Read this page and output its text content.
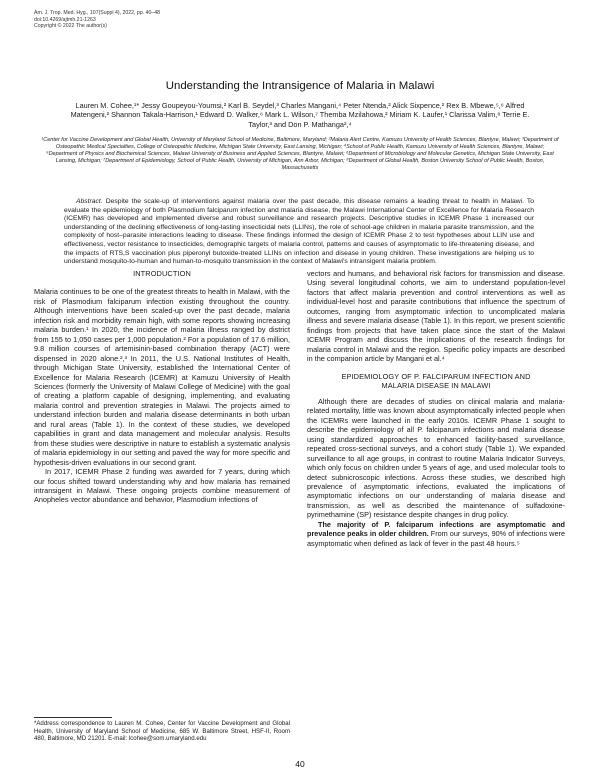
Am. J. Trop. Med. Hyg., 107(Suppl 4), 2022, pp. 40–48
doi:10.4269/ajtmh.21-1263
Copyright © 2022 The author(s)
Understanding the Intransigence of Malaria in Malawi
Lauren M. Cohee,¹* Jessy Goupeyou-Youmsi,² Karl B. Seydel,³ Charles Mangani,⁴ Peter Ntenda,² Alick Sixpence,² Rex B. Mbewe,⁵,⁶ Alfred Matengeni,² Shannon Takala-Harrison,¹ Edward D. Walker,⁶ Mark L. Wilson,⁷ Themba Mzilahowa,² Miriam K. Laufer,¹ Clarissa Valim,⁸ Terrie E. Taylor,³ and Don P. Mathanga²,⁴
¹Center for Vaccine Development and Global Health, University of Maryland School of Medicine, Baltimore, Maryland; ²Malaria Alert Centre, Kamuzu University of Health Sciences, Blantyre, Malawi; ³Department of Osteopathic Medical Specialties, College of Osteopathic Medicine, Michigan State University, East Lansing, Michigan; ⁴School of Public Health, Kamuzu University of Health Sciences, Blantyre, Malawi; ⁵Department of Physics and Biochemical Sciences, Malawi University of Business and Applied Sciences, Blantyre, Malawi; ⁶Department of Microbiology and Molecular Genetics, Michigan State University, East Lansing, Michigan; ⁷Department of Epidemiology, School of Public Health, University of Michigan, Ann Arbor, Michigan; ⁸Department of Global Health, Boston University School of Public Health, Boston, Massachusetts
Abstract. Despite the scale-up of interventions against malaria over the past decade, this disease remains a leading threat to health in Malawi. To evaluate the epidemiology of both Plasmodium falciparum infection and malaria disease, the Malawi International Center of Excellence for Malaria Research (ICEMR) has developed and implemented diverse and robust surveillance and research projects. Descriptive studies in ICEMR Phase 1 increased our understanding of the declining effectiveness of long-lasting insecticidal nets (LLINs), the role of school-age children in malaria parasite transmission, and the complexity of host–parasite interactions leading to disease. These findings informed the design of ICEMR Phase 2 to test hypotheses about LLIN use and effectiveness, vector resistance to insecticides, demographic targets of malaria control, patterns and causes of asymptomatic to life-threatening disease, and the impacts of RTS,S vaccination plus piperonyl butoxide-treated LLINs on infection and disease in young children. These investigations are helping us to understand mosquito-to-human and human-to-mosquito transmission in the context of Malawi's intransigent malaria problem.
INTRODUCTION

Malaria continues to be one of the greatest threats to health in Malawi, with the risk of Plasmodium falciparum infection existing throughout the country. Although interventions have been scaled-up over the past decade, malaria infection risk and morbidity remain high, with some reports showing increasing malaria burden.¹ In 2020, the incidence of malaria illness ranged by district from 155 to 1,050 cases per 1,000 population.² For a population of 17.6 million, 9.8 million courses of artemisinin-based combination therapy (ACT) were dispensed in 2020 alone.²,³ In 2011, the U.S. National Institutes of Health, through Michigan State University, established the International Center of Excellence for Malaria Research (ICEMR) at Kamuzu University of Health Sciences (formerly the University of Malawi College of Medicine) with the goal of creating a platform capable of designing, implementing, and evaluating malaria control and prevention strategies in Malawi. The projects aimed to understand infection burden and malaria disease determinants in both urban and rural areas (Table 1). In the context of these studies, we developed capabilities in grant and data management and molecular analysis. Results from these studies were descriptive in nature to establish a systematic analysis of malaria epidemiology in our setting and paved the way for more specific and hypothesis-driven evaluations in our second grant.

In 2017, ICEMR Phase 2 funding was awarded for 7 years, during which our focus shifted toward understanding why and how malaria has remained intransigent in Malawi. These ongoing projects combine measurement of Anopheles vector abundance and behavior, Plasmodium infections of

vectors and humans, and behavioral risk factors for transmission and disease. Using several longitudinal cohorts, we aim to understand population-level factors that affect malaria prevention and control interventions as well as individual-level host and parasite contributions that influence the spectrum of outcomes, ranging from asymptomatic infection to uncomplicated malaria illness and severe malaria disease (Table 1). In this report, we present scientific findings from projects that have taken place since the start of the Malawi ICEMR Program and discuss the implications of the research findings for malaria control in Malawi and the region. Specific policy impacts are described in the companion article by Mangani et al.⁴

EPIDEMIOLOGY OF P. FALCIPARUM INFECTION AND
MALARIA DISEASE IN MALAWI

Although there are decades of studies on clinical malaria and malaria-related mortality, little was known about asymptomatically infected people when the ICEMRs were launched in the early 2010s. ICEMR Phase 1 sought to describe the epidemiology of all P. falciparum infections and malaria disease using standardized approaches to enhanced facility-based surveillance, repeated cross-sectional surveys, and a cohort study (Table 1). We expanded surveillance to all age groups, in contrast to routine Malaria Indicator Surveys, which only focus on children under 5 years of age, and used molecular tools to detect subnicroscopic infections. Across these studies, we described high prevalence of asymptomatic infections, evaluated the implications of asymptomatic infections on our understanding of malaria disease and transmission, as well as described the maintenance of sulfadoxine-pyrimethamine (SP) resistance despite changes in drug policy.

The majority of P. falciparum infections are asymptomatic and prevalence peaks in older children. From our surveys, 90% of infections were asymptomatic when defined as lack of fever in the past 48 hours.⁵

*Address correspondence to Lauren M. Cohee, Center for Vaccine Development and Global Health, University of Maryland School of Medicine, 685 W. Baltimore Street, HSF-II, Room 480, Baltimore, MD 21201. E-mail: lcohee@som.umaryland.edu
40
